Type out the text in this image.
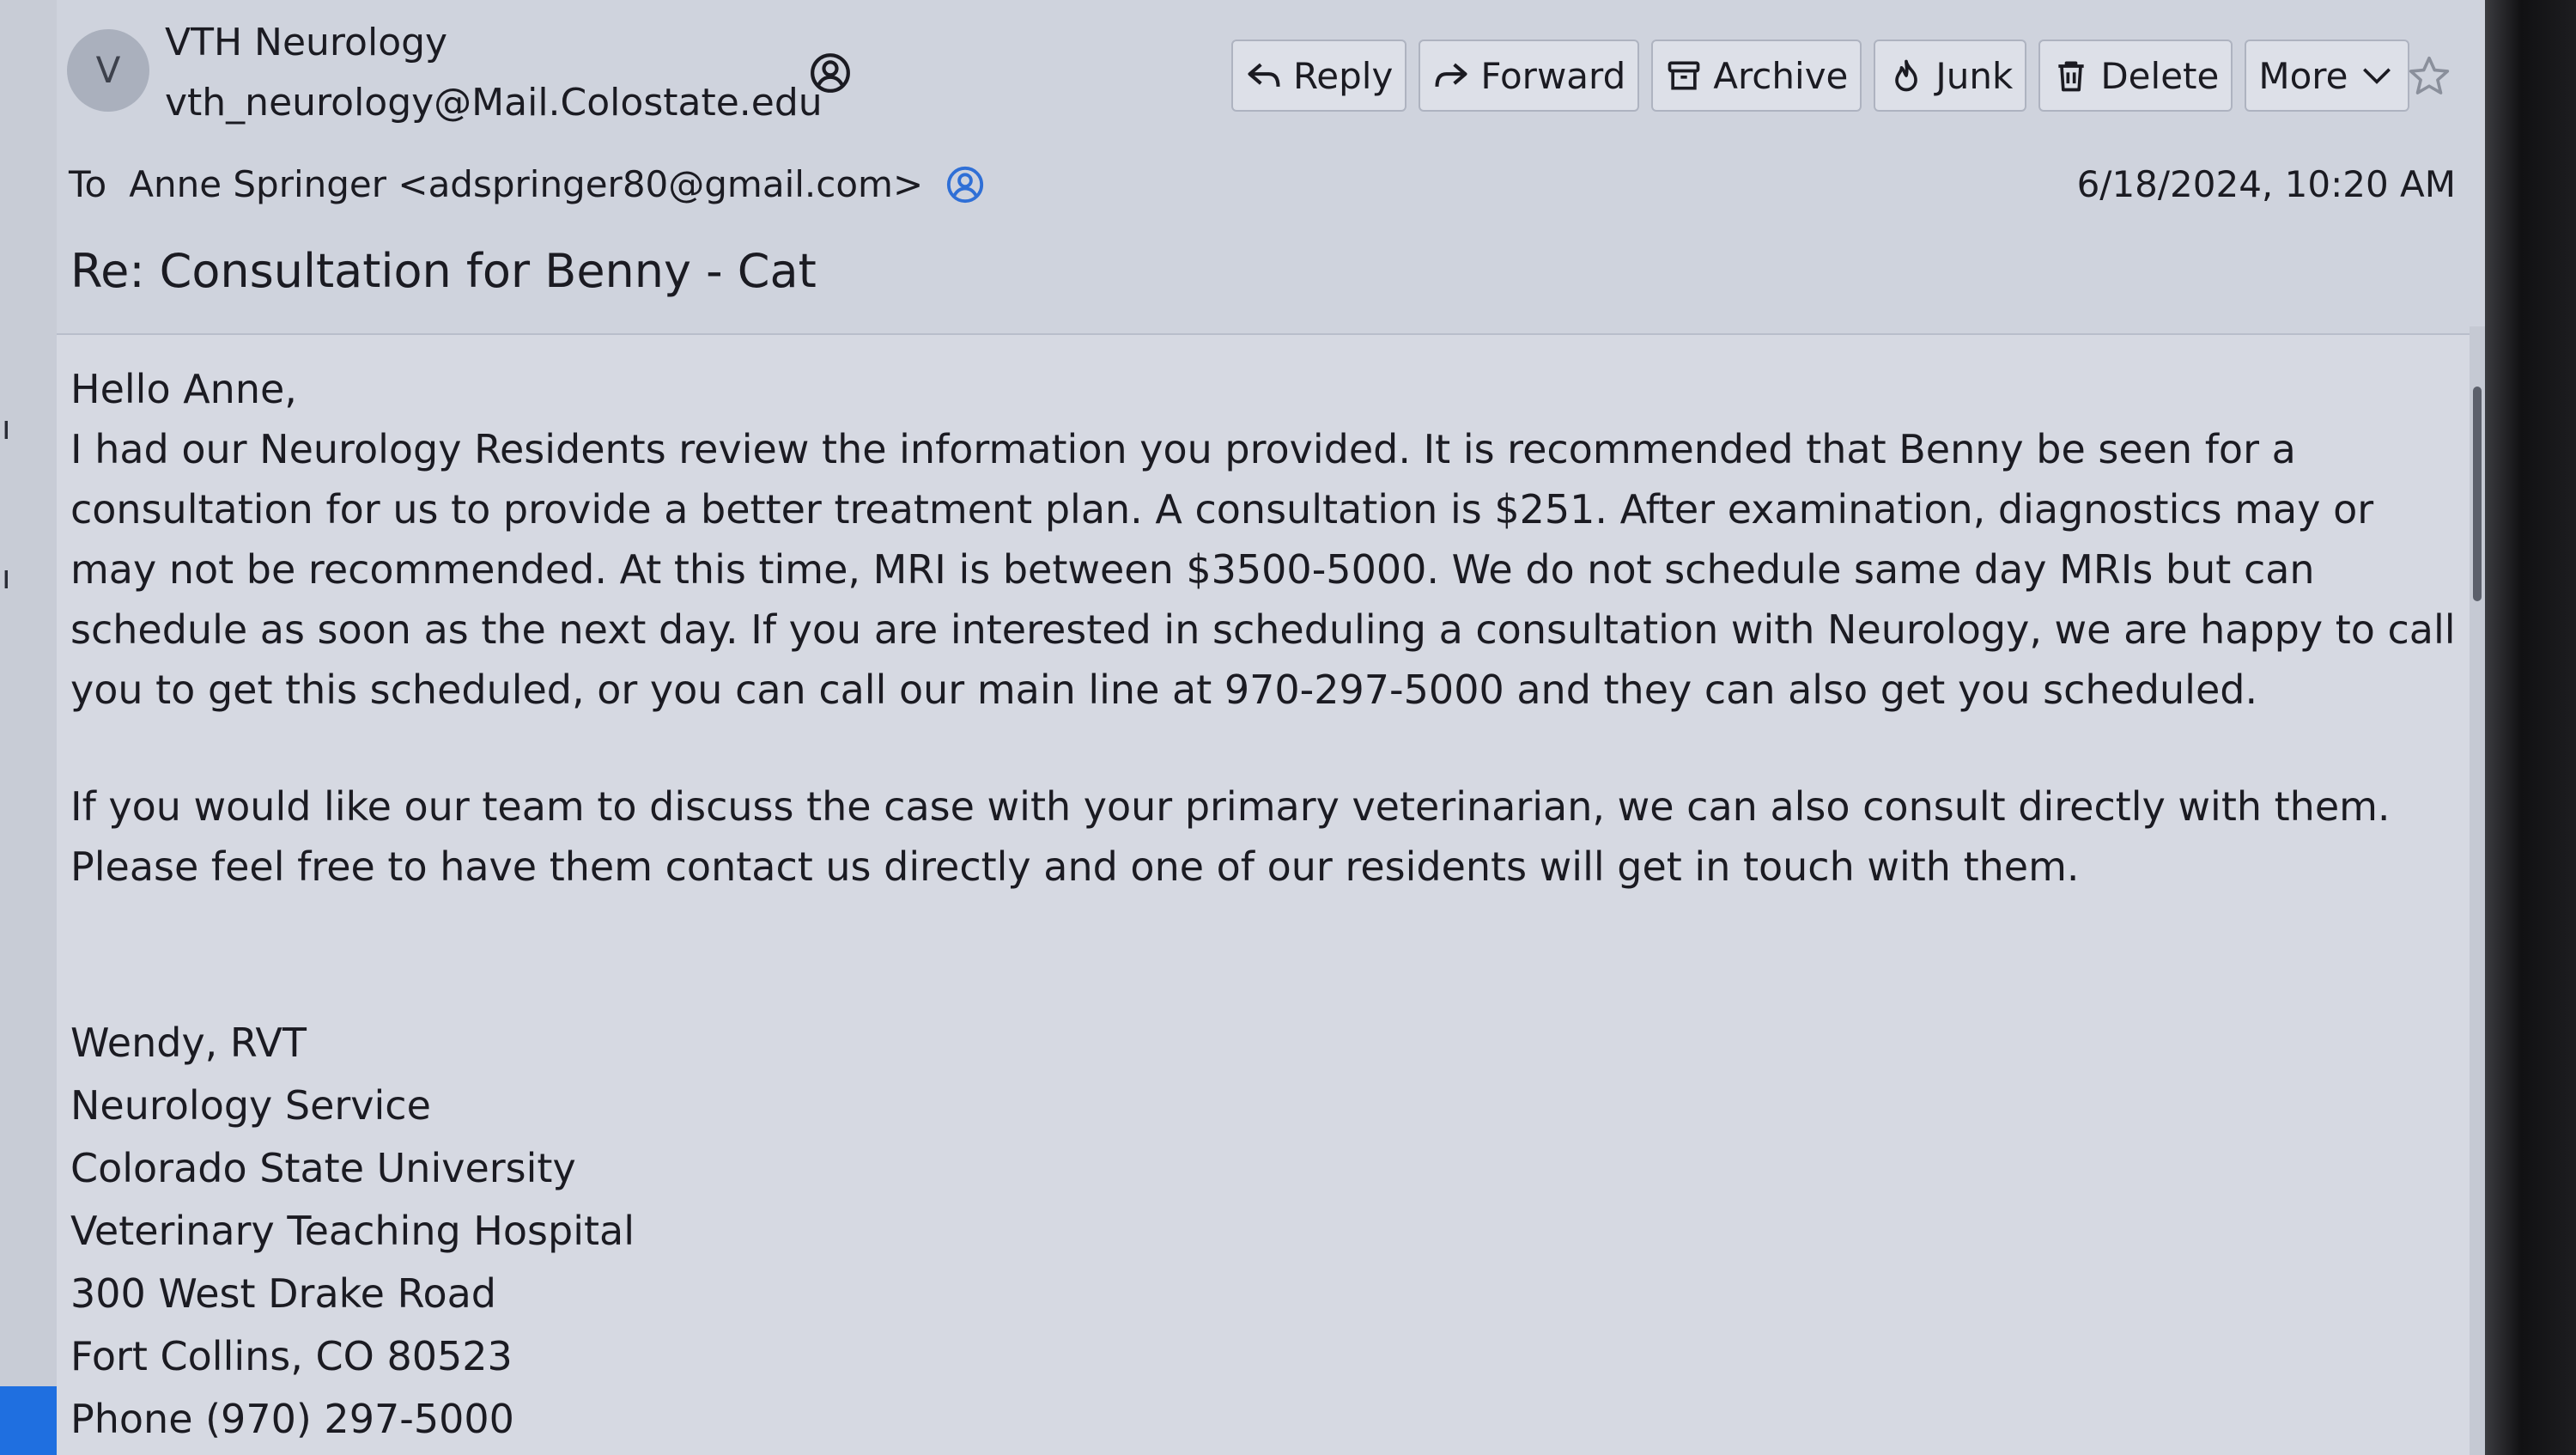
ı
ı
V
VTH Neurology
vth_neurology@Mail.Colostate.edu
Reply Forward Archive Junk Delete More
To Anne Springer <adspringer80@gmail.com>	6/18/2024, 10:20 AM
Re: Consultation for Benny - Cat

Hello Anne,

I had our Neurology Residents review the information you provided. It is recommended that Benny be seen for a consultation for us to provide a better treatment plan. A consultation is $251. After examination, diagnostics may or may not be recommended. At this time, MRI is between $3500-5000. We do not schedule same day MRIs but can schedule as soon as the next day. If you are interested in scheduling a consultation with Neurology, we are happy to call you to get this scheduled, or you can call our main line at 970-297-5000 and they can also get you scheduled.

If you would like our team to discuss the case with your primary veterinarian, we can also consult directly with them. Please feel free to have them contact us directly and one of our residents will get in touch with them.

Wendy, RVT

Neurology Service

Colorado State University

Veterinary Teaching Hospital

300 West Drake Road

Fort Collins, CO 80523

Phone (970) 297-5000
